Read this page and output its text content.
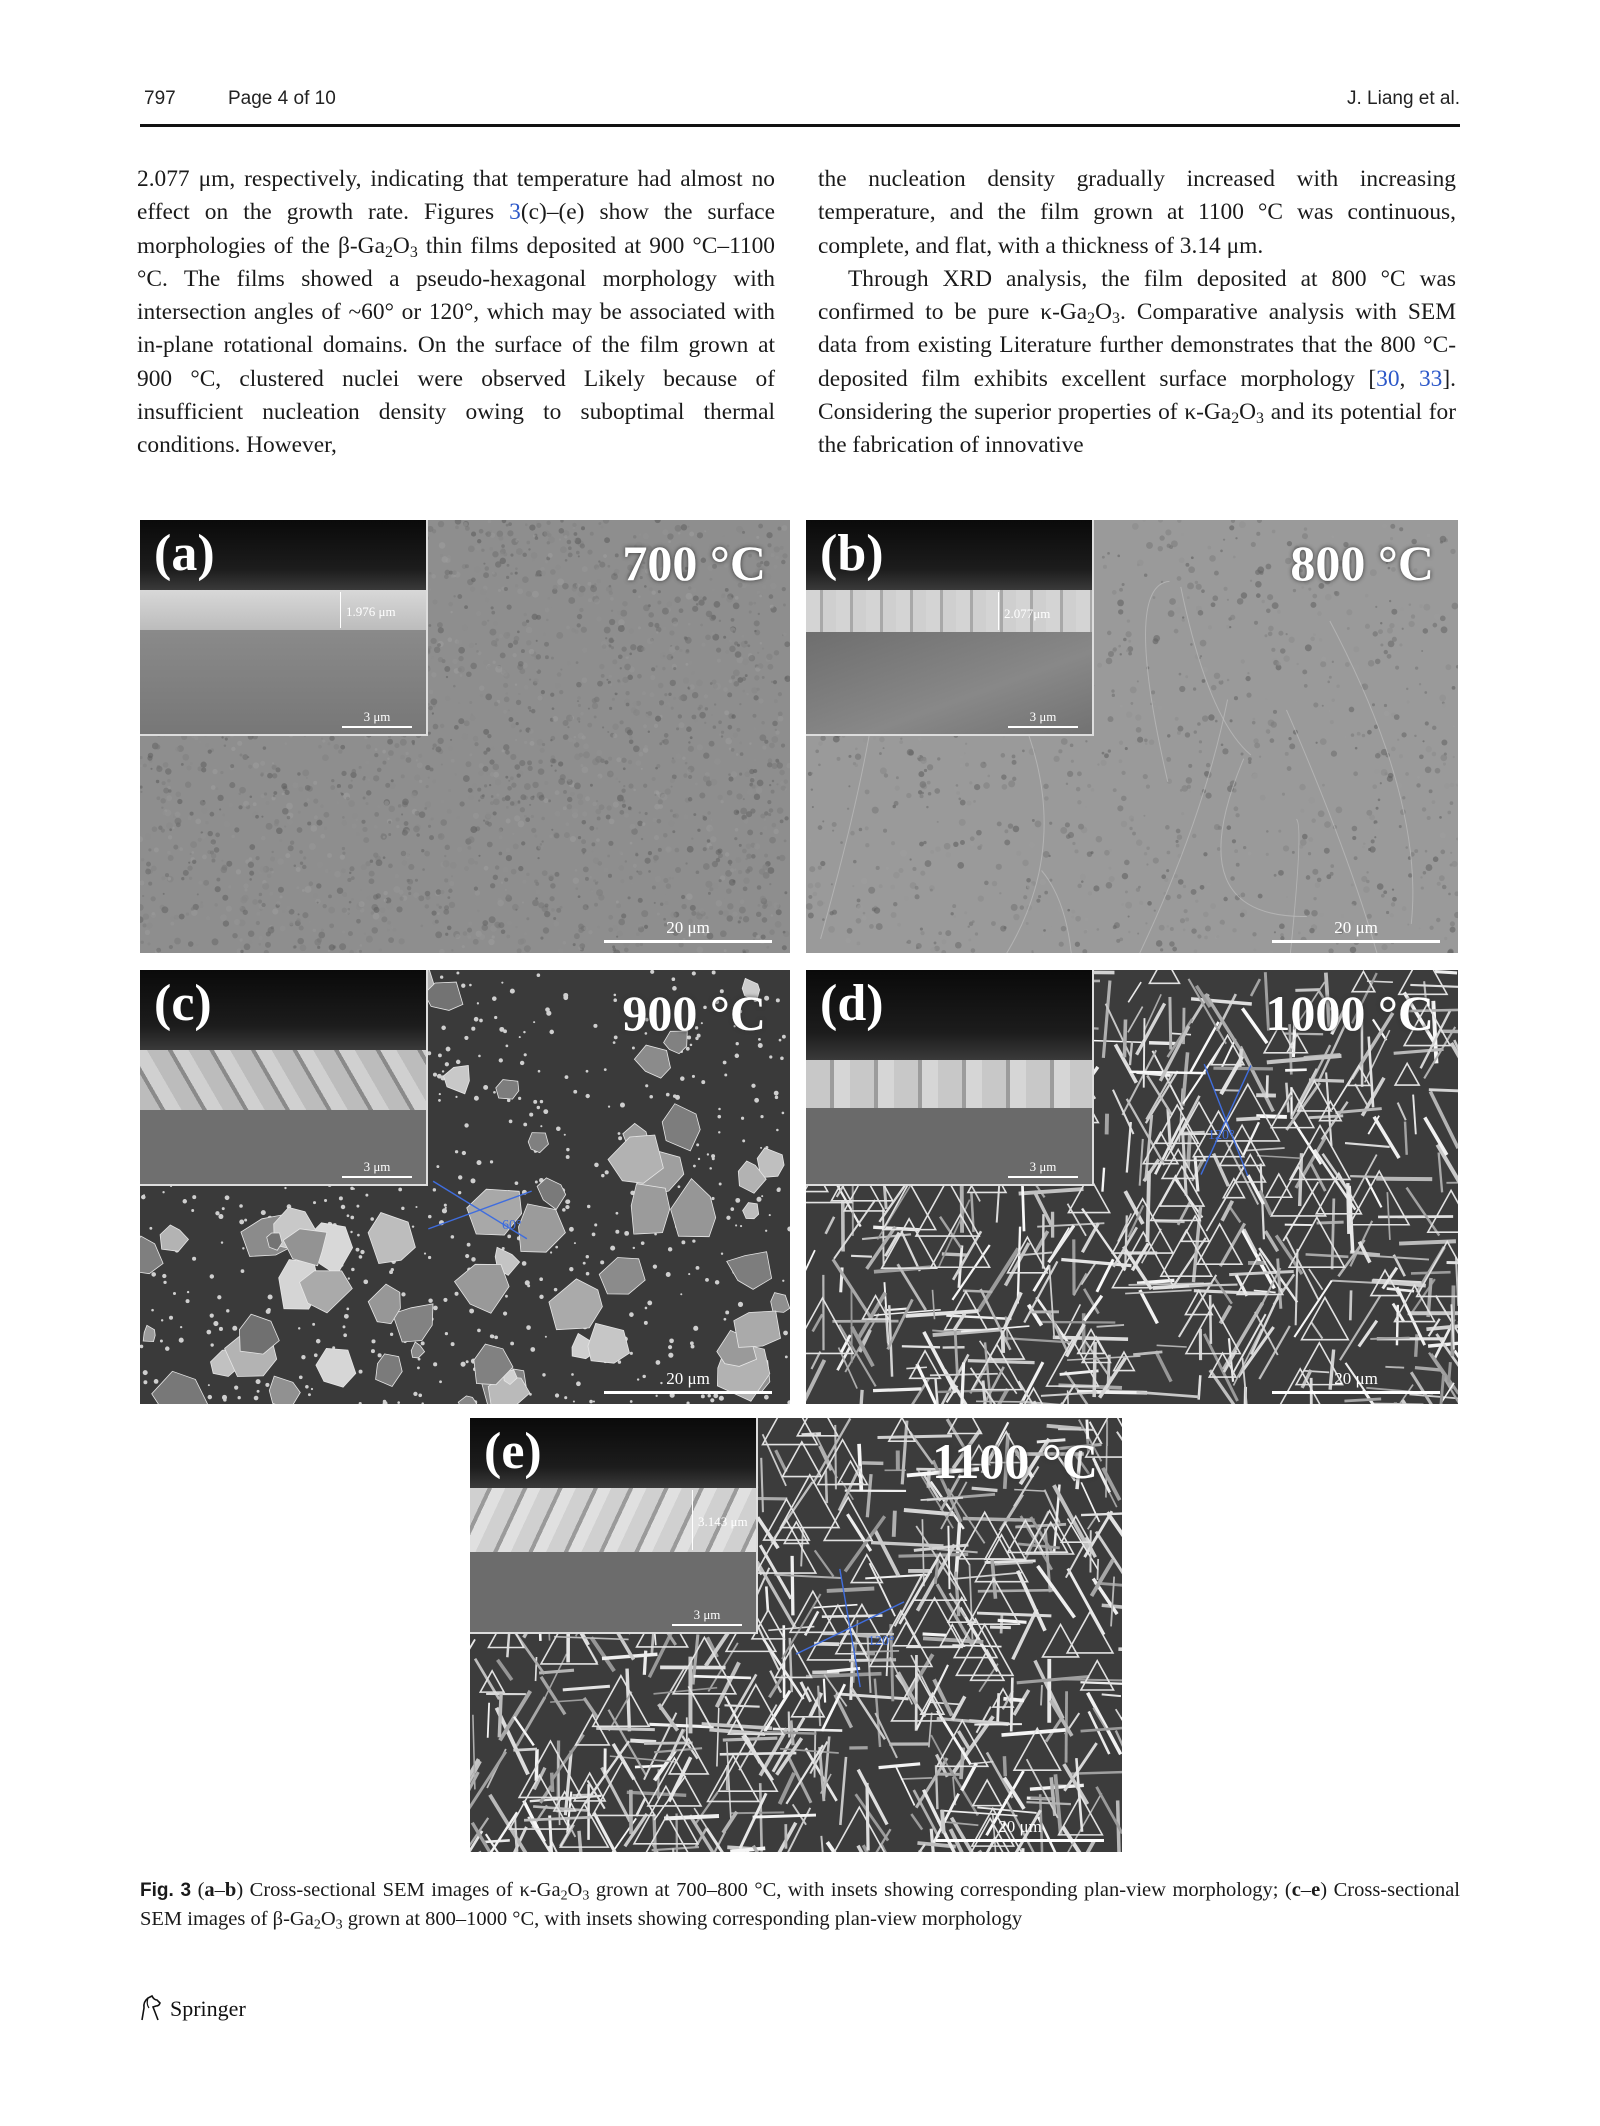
797	Page 4 of 10	J. Liang et al.

2.077 μm, respectively, indicating that temperature had almost no effect on the growth rate. Figures 3(c)–(e) show the surface morphologies of the $\beta-Ga_2O_3$ thin films deposited at 900 °C–1100 °C. The films showed a pseudo-hexagonal morphology with intersection angles of ~60° or 120°, which may be associated with in-plane rotational domains. On the surface of the film grown at 900 °C, clustered nuclei were observed Likely because of insufficient nucleation density owing to suboptimal thermal conditions. However,

the nucleation density gradually increased with increasing temperature, and the film grown at 1100 °C was continuous, complete, and flat, with a thickness of 3.14 μm.

Through XRD analysis, the film deposited at 800 °C was confirmed to be pure $\kappa-Ga_2O_3$. Comparative analysis with SEM data from existing Literature further demonstrates that the 800 °C-deposited film exhibits excellent surface morphology [30, 33]. Considering the superior properties of $\kappa-Ga_2O_3$ and its potential for the fabrication of innovative

1.976 μm
3 μm
(a)	700 °C
20 μm
2.077μm
3 μm
(b)	800 °C
20 μm
3 μm
(c)	900 °C
60°
20 μm
3 μm
(d)	1000 °C
120°
20 μm
3.143 μm
3 μm
(e)	1100 °C
120°
20 μm
Fig. 3 (a–b) Cross-sectional SEM images of $\kappa-Ga_2O_3$ grown at 700–800 °C, with insets showing corresponding plan-view morphology; (c–e) Cross-sectional SEM images of $\beta-Ga_2O_3$ grown at 800–1000 °C, with insets showing corresponding plan-view morphology
Springer
